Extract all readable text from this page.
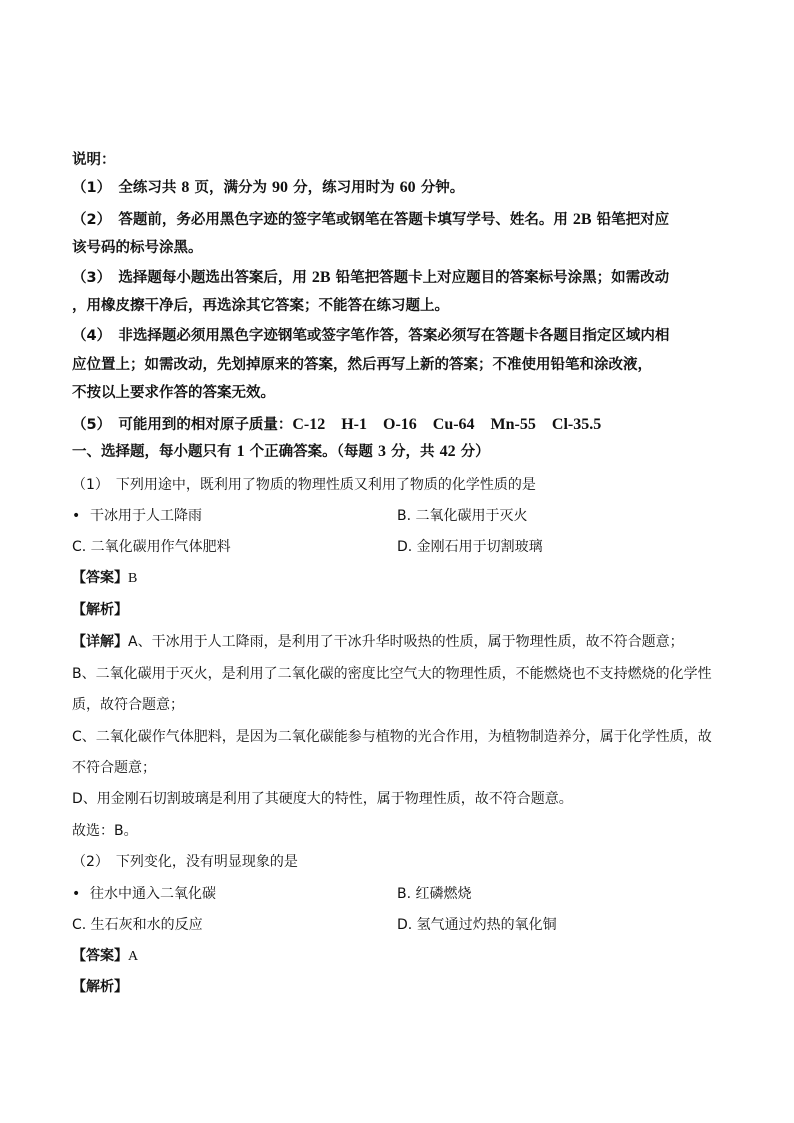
说明：
（1）　 全练习共 8 页，满分为 90 分，练习用时为 60 分钟。
（2）　 答题前，务必用黑色字迹的签字笔或钢笔在答题卡填写学号、姓名。用 2B 铅笔把对应
该号码的标号涂黑。
（3）　 选择题每小题选出答案后，用 2B 铅笔把答题卡上对应题目的答案标号涂黑；如需改动
，用橡皮擦干净后，再选涂其它答案；不能答在练习题上。
（4）　 非选择题必须用黑色字迹钢笔或签字笔作答，答案必须写在答题卡各题目指定区域内相
应位置上；如需改动，先划掉原来的答案，然后再写上新的答案；不准使用铅笔和涂改液，
不按以上要求作答的答案无效。
（5）　 可能用到的相对原子质量：C-12　H-1　O-16　Cu-64　Mn-55　Cl-35.5
一、选择题，每小题只有 1 个正确答案。（每题 3 分，共 42 分）
（1）　 下列用途中，既利用了物质的物理性质又利用了物质的化学性质的是
• 干冰用于人工降雨	B. 二氧化碳用于灭火
C. 二氧化碳用作气体肥料	D. 金刚石用于切割玻璃
【答案】B
【解析】
【详解】A、干冰用于人工降雨，是利用了干冰升华时吸热的性质，属于物理性质，故不符合题意；
B、二氧化碳用于灭火，是利用了二氧化碳的密度比空气大的物理性质，不能燃烧也不支持燃烧的化学性
质，故符合题意；
C、二氧化碳作气体肥料，是因为二氧化碳能参与植物的光合作用，为植物制造养分，属于化学性质，故
不符合题意；
D、用金刚石切割玻璃是利用了其硬度大的特性，属于物理性质，故不符合题意。
故选：B。
（2）　 下列变化，没有明显现象的是
• 往水中通入二氧化碳	B. 红磷燃烧
C. 生石灰和水的反应	D. 氢气通过灼热的氧化铜
【答案】A
【解析】
